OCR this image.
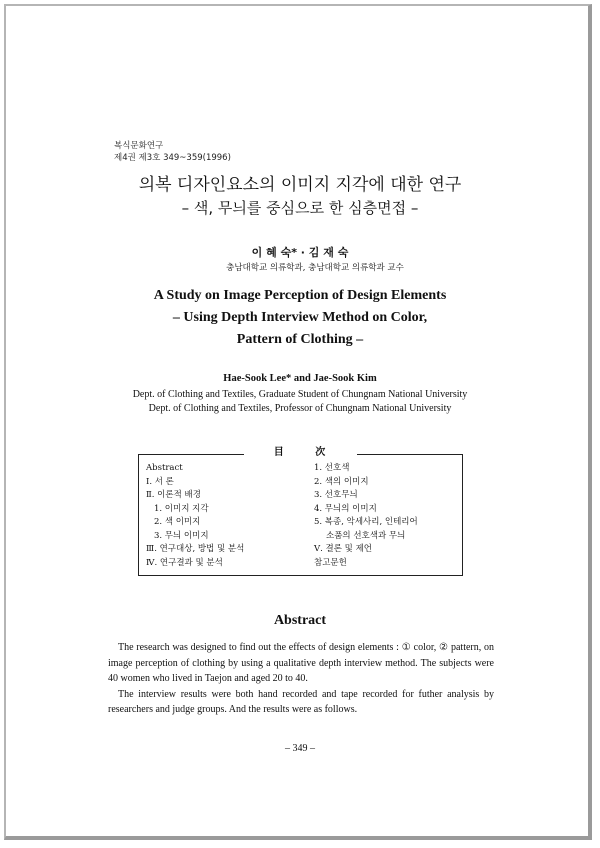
복식문화연구
제4권 제3호 349~359(1996)
의복 디자인요소의 이미지 지각에 대한 연구
– 색, 무늬를 중심으로 한 심층면접 –
이 혜 숙* · 김 재 숙
충남대학교 의류학과, 충남대학교 의류학과 교수
A Study on Image Perception of Design Elements
– Using Depth Interview Method on Color,
Pattern of Clothing –
Hae-Sook Lee* and Jae-Sook Kim
Dept. of Clothing and Textiles, Graduate Student of Chungnam National University
Dept. of Clothing and Textiles, Professor of Chungnam National University
目 次
Abstract
Ⅰ. 서 론
Ⅱ. 이론적 배경
1. 이미지 지각
2. 색 이미지
3. 무늬 이미지
Ⅲ. 연구대상, 방법 및 분석
Ⅳ. 연구결과 및 분석
1. 선호색
2. 색의 이미지
3. 선호무늬
4. 무늬의 이미지
5. 복종, 악세사리, 인테리어
소품의 선호색과 무늬
Ⅴ. 결론 및 제언
참고문헌
Abstract

The research was designed to find out the effects of design elements : ① color, ② pattern, on image perception of clothing by using a qualitative depth interview method. The subjects were 40 women who lived in Taejon and aged 20 to 40.

The interview results were both hand recorded and tape recorded for futher analysis by researchers and judge groups. And the results were as follows.

– 349 –
